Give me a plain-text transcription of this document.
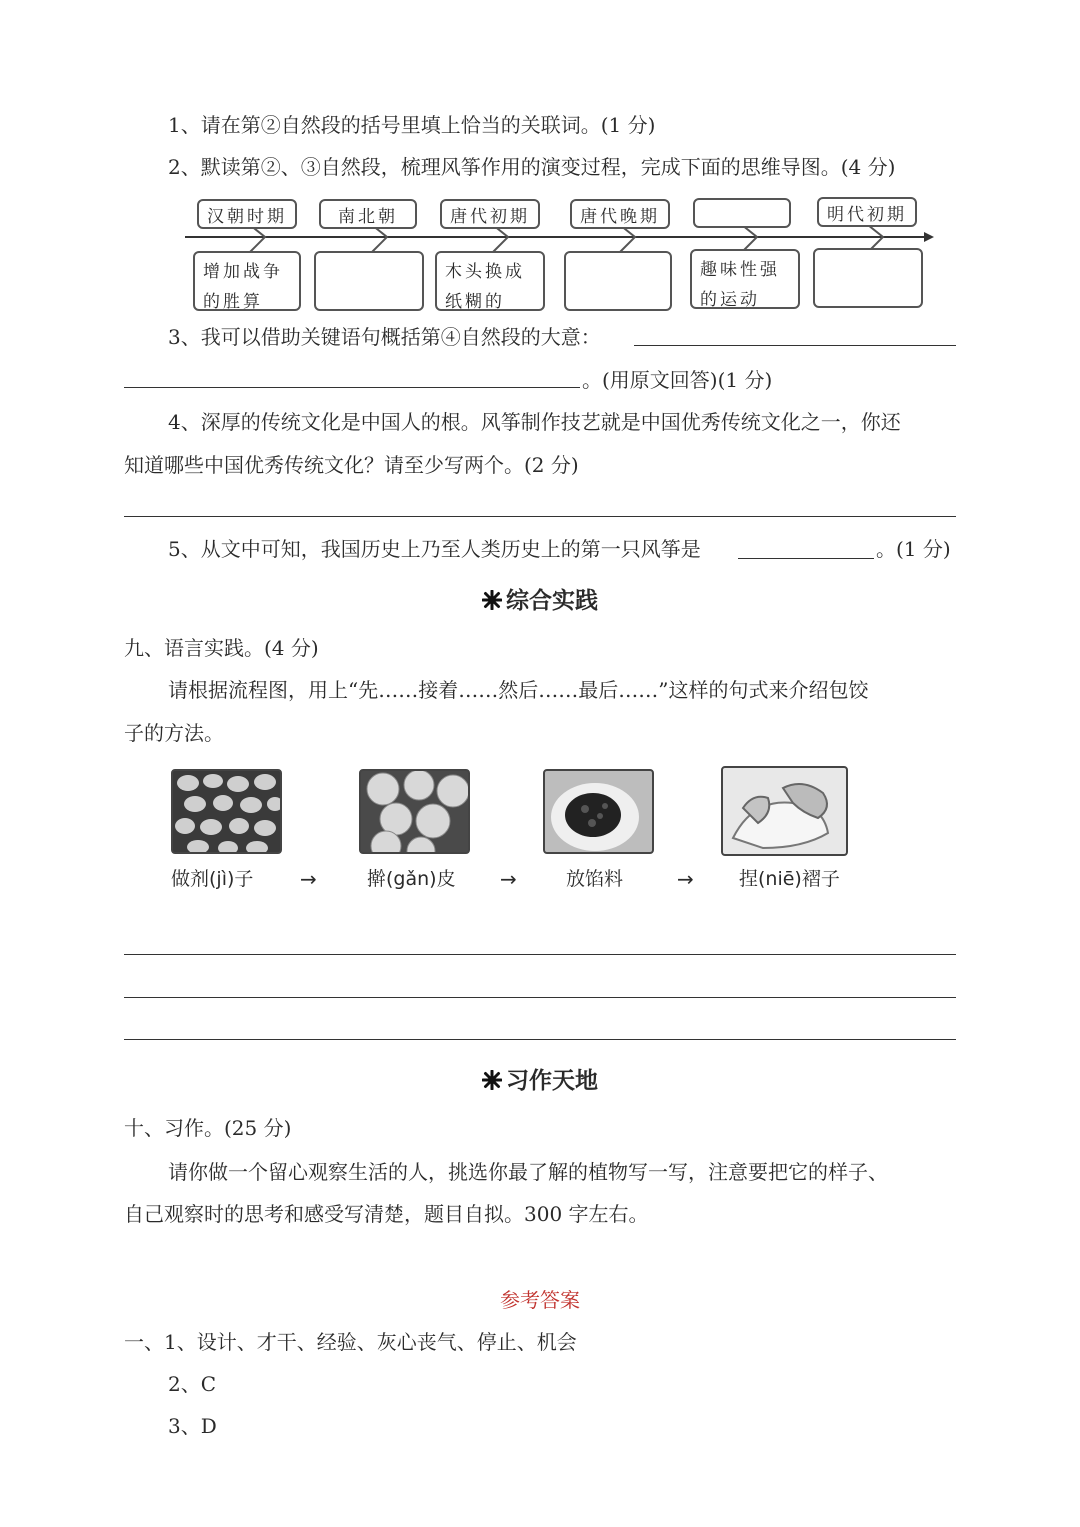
1、请在第②自然段的括号里填上恰当的关联词。(1 分)
2、默读第②、③自然段，梳理风筝作用的演变过程，完成下面的思维导图。(4 分)
汉朝时期	南北朝	唐代初期	唐代晚期	明代初期
增加战争的胜算
木头换成纸糊的
趣味性强的运动
3、我可以借助关键语句概括第④自然段的大意：
。(用原文回答)(1 分)
4、深厚的传统文化是中国人的根。风筝制作技艺就是中国优秀传统文化之一，你还
知道哪些中国优秀传统文化？请至少写两个。(2 分)
5、从文中可知，我国历史上乃至人类历史上的第一只风筝是	。(1 分)
综合实践
九、语言实践。(4 分)
请根据流程图，用上“先……接着……然后……最后……”这样的句式来介绍包饺
子的方法。
做剂(jì)子 →	擀(gǎn)皮 →	放馅料	→ 捏(niē)褶子
习作天地
十、习作。(25 分)
请你做一个留心观察生活的人，挑选你最了解的植物写一写，注意要把它的样子、
自己观察时的思考和感受写清楚，题目自拟。300 字左右。
参考答案
一、1、设计、才干、经验、灰心丧气、停止、机会
2、C
3、D
